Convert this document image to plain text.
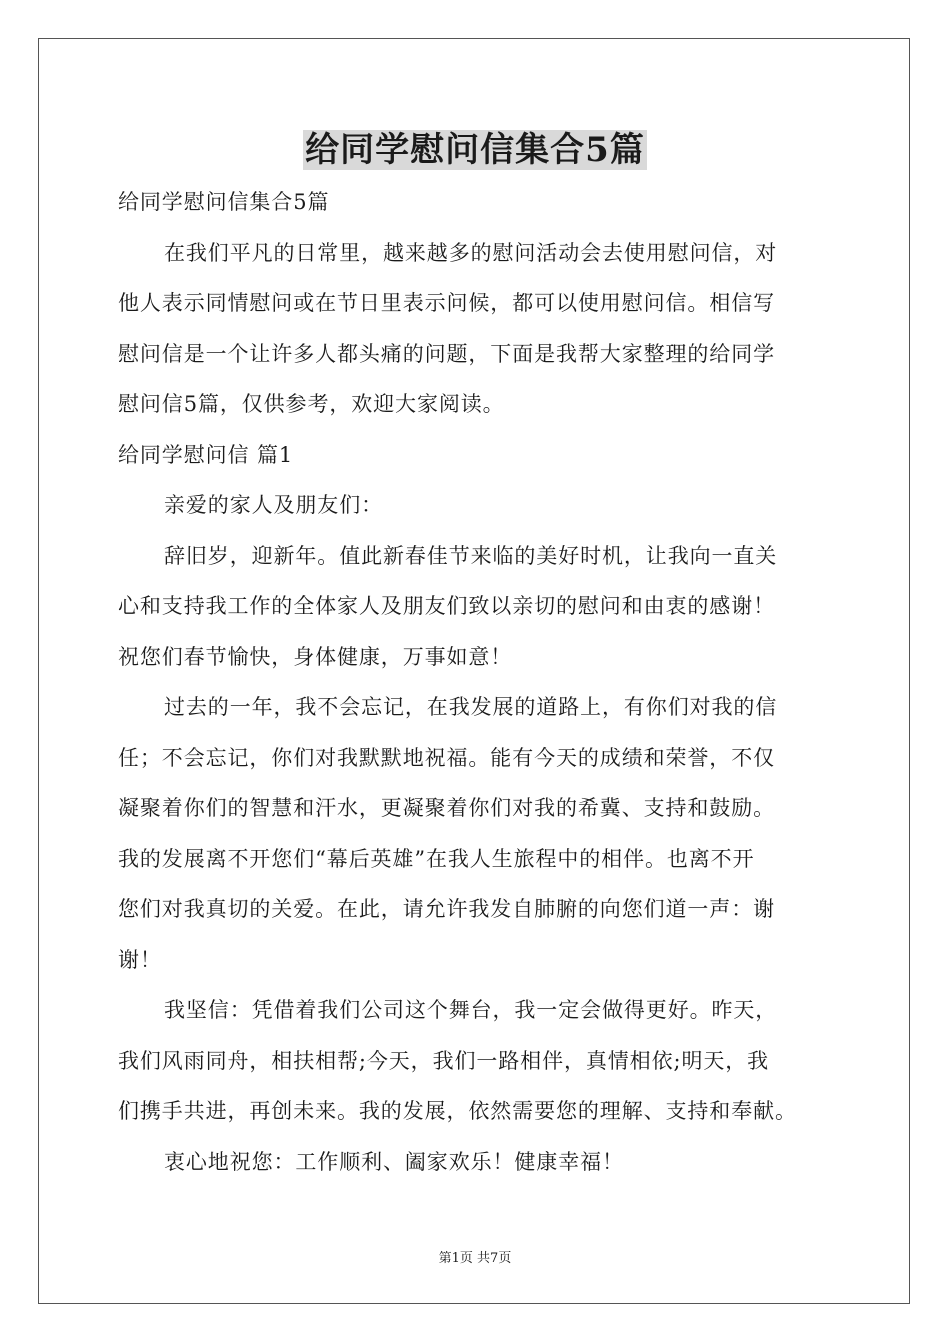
给同学慰问信集合5篇

给同学慰问信集合5篇

在我们平凡的日常里，越来越多的慰问活动会去使用慰问信，对

他人表示同情慰问或在节日里表示问候，都可以使用慰问信。相信写

慰问信是一个让许多人都头痛的问题，下面是我帮大家整理的给同学

慰问信5篇，仅供参考，欢迎大家阅读。

给同学慰问信 篇1

亲爱的家人及朋友们：

辞旧岁，迎新年。值此新春佳节来临的美好时机，让我向一直关

心和支持我工作的全体家人及朋友们致以亲切的慰问和由衷的感谢！

祝您们春节愉快，身体健康，万事如意！

过去的一年，我不会忘记，在我发展的道路上，有你们对我的信

任；不会忘记，你们对我默默地祝福。能有今天的成绩和荣誉，不仅

凝聚着你们的智慧和汗水，更凝聚着你们对我的希冀、支持和鼓励。

我的发展离不开您们“幕后英雄”在我人生旅程中的相伴。也离不开

您们对我真切的关爱。在此，请允许我发自肺腑的向您们道一声：谢

谢！

我坚信：凭借着我们公司这个舞台，我一定会做得更好。昨天，

我们风雨同舟，相扶相帮;今天，我们一路相伴，真情相依;明天，我

们携手共进，再创未来。我的发展，依然需要您的理解、支持和奉献。

衷心地祝您：工作顺利、阖家欢乐！健康幸福！

第1页 共7页
